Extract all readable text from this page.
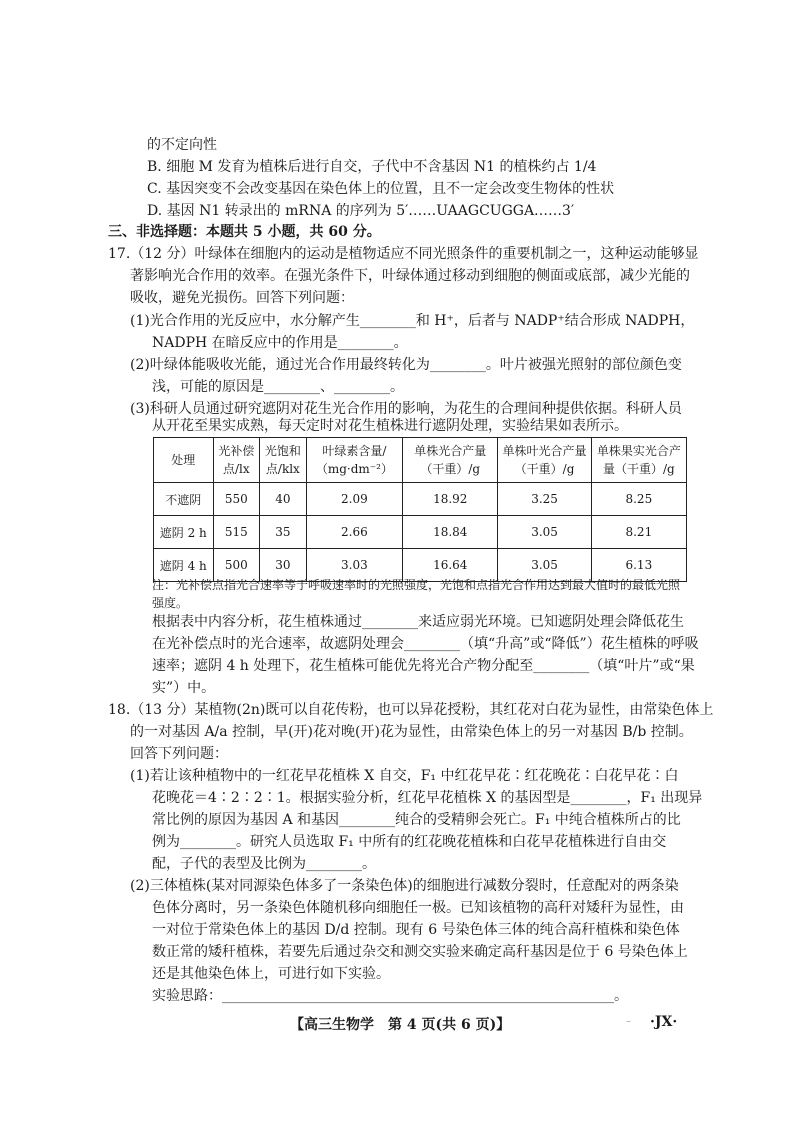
的不定向性
B. 细胞 M 发育为植株后进行自交，子代中不含基因 N1 的植株约占 1/4
C. 基因突变不会改变基因在染色体上的位置，且不一定会改变生物体的性状
D. 基因 N1 转录出的 mRNA 的序列为 5′……UAAGCUGGA……3′
三、非选择题：本题共 5 小题，共 60 分。
17.（12 分）叶绿体在细胞内的运动是植物适应不同光照条件的重要机制之一，这种运动能够显
著影响光合作用的效率。在强光条件下，叶绿体通过移动到细胞的侧面或底部，减少光能的
吸收，避免光损伤。回答下列问题：
(1)光合作用的光反应中，水分解产生________和 H⁺，后者与 NADP⁺结合形成 NADPH，
NADPH 在暗反应中的作用是________。
(2)叶绿体能吸收光能，通过光合作用最终转化为________。叶片被强光照射的部位颜色变
浅，可能的原因是________、________。
(3)科研人员通过研究遮阴对花生光合作用的影响，为花生的合理间种提供依据。科研人员
从开花至果实成熟，每天定时对花生植株进行遮阴处理，实验结果如表所示。
处理	光补偿点/lx	光饱和点/klx	叶绿素含量/（mg·dm⁻²）	单株光合产量（干重）/g	单株叶光合产量（干重）/g	单株果实光合产量（干重）/g
不遮阴	550	40	2.09	18.92	3.25	8.25
遮阴 2 h	515	35	2.66	18.84	3.05	8.21
遮阴 4 h	500	30	3.03	16.64	3.05	6.13
注：光补偿点指光合速率等于呼吸速率时的光照强度，光饱和点指光合作用达到最大值时的最低光照
强度。
根据表中内容分析，花生植株通过________来适应弱光环境。已知遮阴处理会降低花生
在光补偿点时的光合速率，故遮阴处理会________（填“升高”或“降低”）花生植株的呼吸
速率；遮阴 4 h 处理下，花生植株可能优先将光合产物分配至________（填“叶片”或“果
实”）中。
18.（13 分）某植物(2n)既可以自花传粉，也可以异花授粉，其红花对白花为显性，由常染色体上
的一对基因 A/a 控制，早(开)花对晚(开)花为显性，由常染色体上的另一对基因 B/b 控制。
回答下列问题：
(1)若让该种植物中的一红花早花植株 X 自交，F₁ 中红花早花∶红花晚花∶白花早花∶白
花晚花＝4∶2∶2∶1。根据实验分析，红花早花植株 X 的基因型是________，F₁ 出现异
常比例的原因为基因 A 和基因________纯合的受精卵会死亡。F₁ 中纯合植株所占的比
例为________。研究人员选取 F₁ 中所有的红花晚花植株和白花早花植株进行自由交
配，子代的表型及比例为________。
(2)三体植株(某对同源染色体多了一条染色体)的细胞进行减数分裂时，任意配对的两条染
色体分离时，另一条染色体随机移向细胞任一极。已知该植物的高秆对矮秆为显性，由
一对位于常染色体上的基因 D/d 控制。现有 6 号染色体三体的纯合高秆植株和染色体
数正常的矮秆植株，若要先后通过杂交和测交实验来确定高秆基因是位于 6 号染色体上
还是其他染色体上，可进行如下实验。
实验思路：________________________________________________________。
【高三生物学　第 4 页(共 6 页)】	– ·JX·
